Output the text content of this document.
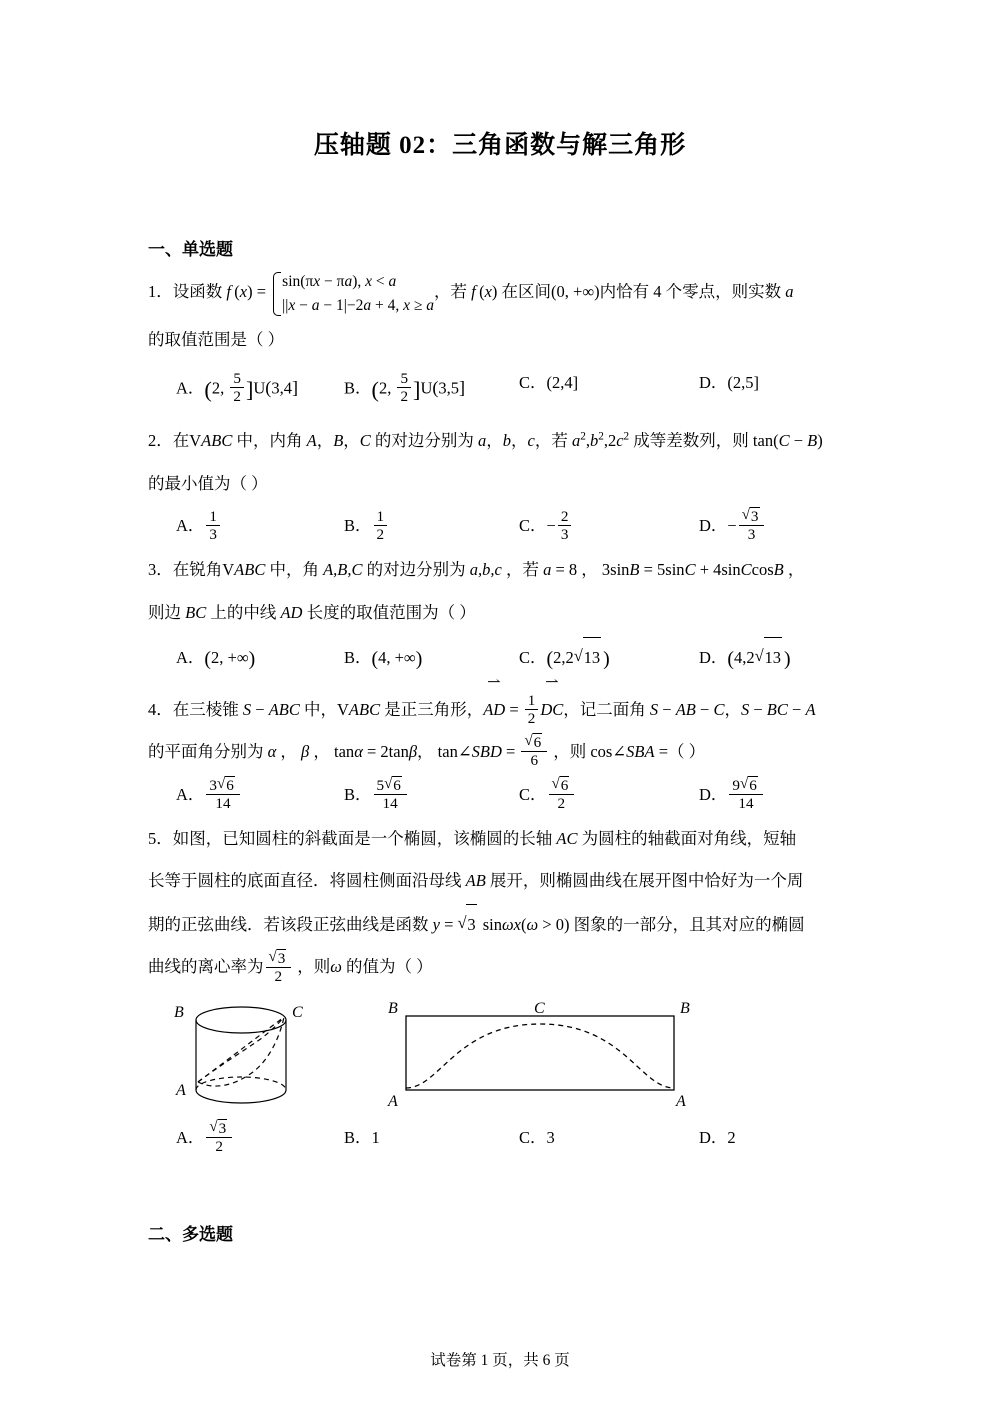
压轴题 02：三角函数与解三角形
一、单选题
1．设函数 f  (x) =
sin(πx − πa), x < a
||x − a − 1|−2a + 4, x ≥ a
，若 f  (x) 在区间(0, +∞)内恰有 4 个零点，则实数 a
的取值范围是（ ）
A．(2, $\frac{5}{2} ]U(3,4]$	B．(2, $\frac{5}{2} ]U(3,5]$	C．(2,4]	D．(2,5]
2．在VABC 中，内角 A，B，C 的对边分别为 a，b，c，若 $a^2,b^2,2c^2$ 成等差数列，则 tan(C − B)
的最小值为（ ）
A． $\frac{1}{3}$	B． $\frac{1}{2}$	C．− $\frac{2}{3}$	D．− √ $\frac{3}{3}$
3．在锐角VABC 中，角 A,B,C 的对边分别为 a,b,c ，若 a = 8 ， 3sinB = 5sinC + 4sinCcosB ，
则边 BC 上的中线 AD 长度的取值范围为（ ）
A．(2, +∞)	B．(4, +∞)	C．(2,2 √ 13 )	D．(4,2 √ 13 )
4．在三棱锥 S − ABC 中，VABC 是正三角形，⇀ AD = $\frac{1}{2}$ ⇀ DC，记二面角 S − AB − C，S − BC − A
的平面角分别为 α ， β ， tanα = 2tanβ， tan∠SBD = √ $\frac{6}{6}$ ，则 cos∠SBA =（ ）
A． $\frac{3 √ 6}{14}$	B． $\frac{5 √ 6}{14}$	C． √ $\frac{6}{2}$	D． $\frac{9 √ 6}{14}$
5．如图，已知圆柱的斜截面是一个椭圆，该椭圆的长轴 AC 为圆柱的轴截面对角线，短轴
长等于圆柱的底面直径．将圆柱侧面沿母线 AB 展开，则椭圆曲线在展开图中恰好为一个周
期的正弦曲线．若该段正弦曲线是函数 y = √ 3 sinωx(ω > 0) 图象的一部分，且其对应的椭圆
曲线的离心率为 √ $\frac{3}{2}$ ，则ω 的值为（ ）
B	C
A
B	C	B
A	A
A． √ $\frac{3}{2}$	B．1	C．3	D．2
二、多选题
试卷第 1 页，共 6 页
